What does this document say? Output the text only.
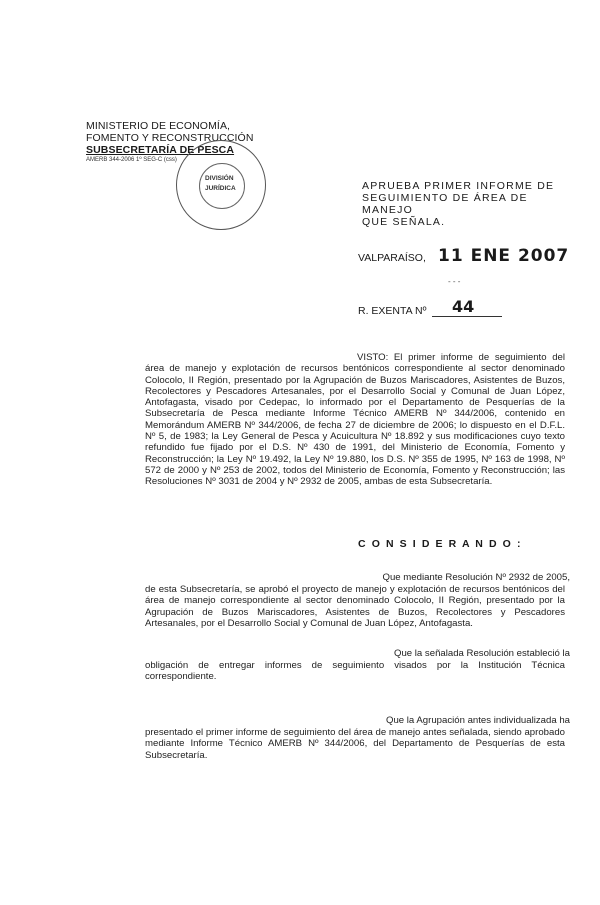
MINISTERIO DE ECONOMÍA,
FOMENTO Y RECONSTRUCCIÓN
SUBSECRETARÍA DE PESCA
AMERB 344-2006 1º SEG-C (css)
DIVISIÓN
JURÍDICA	APRUEBA PRIMER INFORME DE
SEGUIMIENTO DE ÁREA DE MANEJO
QUE SEÑALA.
VALPARAÍSO, 11 ENE 2007
- - -
R. EXENTA Nº 44
VISTO: El primer informe de seguimiento del área de manejo y explotación de recursos bentónicos correspondiente al sector denominado Colocolo, II Región, presentado por la Agrupación de Buzos Mariscadores, Asistentes de Buzos, Recolectores y Pescadores Artesanales, por el Desarrollo Social y Comunal de Juan López, Antofagasta, visado por Cedepac, lo informado por el Departamento de Pesquerías de la Subsecretaría de Pesca mediante Informe Técnico AMERB Nº 344/2006, contenido en Memorándum AMERB Nº 344/2006, de fecha 27 de diciembre de 2006; lo dispuesto en el D.F.L. Nº 5, de 1983; la Ley General de Pesca y Acuicultura Nº 18.892 y sus modificaciones cuyo texto refundido fue fijado por el D.S. Nº 430 de 1991, del Ministerio de Economía, Fomento y Reconstrucción; la Ley Nº 19.492, la Ley Nº 19.880, los D.S. Nº 355 de 1995, Nº 163 de 1998, Nº 572 de 2000 y Nº 253 de 2002, todos del Ministerio de Economía, Fomento y Reconstrucción; las Resoluciones Nº 3031 de 2004 y Nº 2932 de 2005, ambas de esta Subsecretaría.
C O N S I D E R A N D O :
Que mediante Resolución Nº 2932 de 2005,
de esta Subsecretaría, se aprobó el proyecto de manejo y explotación de recursos bentónicos del área de manejo correspondiente al sector denominado Colocolo, II Región, presentado por la Agrupación de Buzos Mariscadores, Asistentes de Buzos, Recolectores y Pescadores Artesanales, por el Desarrollo Social y Comunal de Juan López, Antofagasta.
Que la señalada Resolución estableció la
obligación de entregar informes de seguimiento visados por la Institución Técnica correspondiente.
Que la Agrupación antes individualizada ha
presentado el primer informe de seguimiento del área de manejo antes señalada, siendo aprobado mediante Informe Técnico AMERB Nº 344/2006, del Departamento de Pesquerías de esta Subsecretaría.
